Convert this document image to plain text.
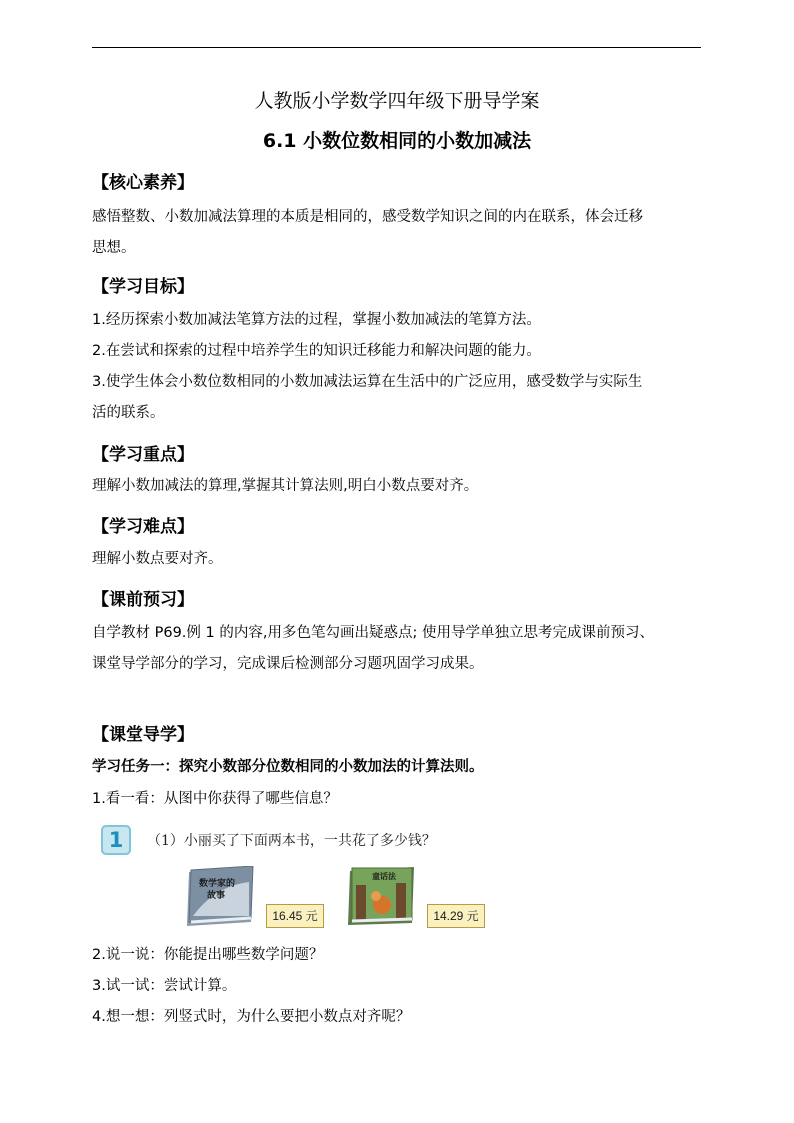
人教版小学数学四年级下册导学案
6.1 小数位数相同的小数加减法
【核心素养】
感悟整数、小数加减法算理的本质是相同的，感受数学知识之间的内在联系，体会迁移
思想。
【学习目标】
1.经历探索小数加减法笔算方法的过程，掌握小数加减法的笔算方法。
2.在尝试和探索的过程中培养学生的知识迁移能力和解决问题的能力。
3.使学生体会小数位数相同的小数加减法运算在生活中的广泛应用，感受数学与实际生
活的联系。
【学习重点】
理解小数加减法的算理,掌握其计算法则,明白小数点要对齐。
【学习难点】
理解小数点要对齐。
【课前预习】
自学教材 P69.例 1 的内容,用多色笔勾画出疑惑点; 使用导学单独立思考完成课前预习、
课堂导学部分的学习，完成课后检测部分习题巩固学习成果。
【课堂导学】
学习任务一：探究小数部分位数相同的小数加法的计算法则。
1.看一看：从图中你获得了哪些信息？
1	（1）小丽买了下面两本书，一共花了多少钱？
数学家的
故事
16.45 元
童话法
14.29 元
2.说一说：你能提出哪些数学问题？
3.试一试：尝试计算。
4.想一想：列竖式时，为什么要把小数点对齐呢？
